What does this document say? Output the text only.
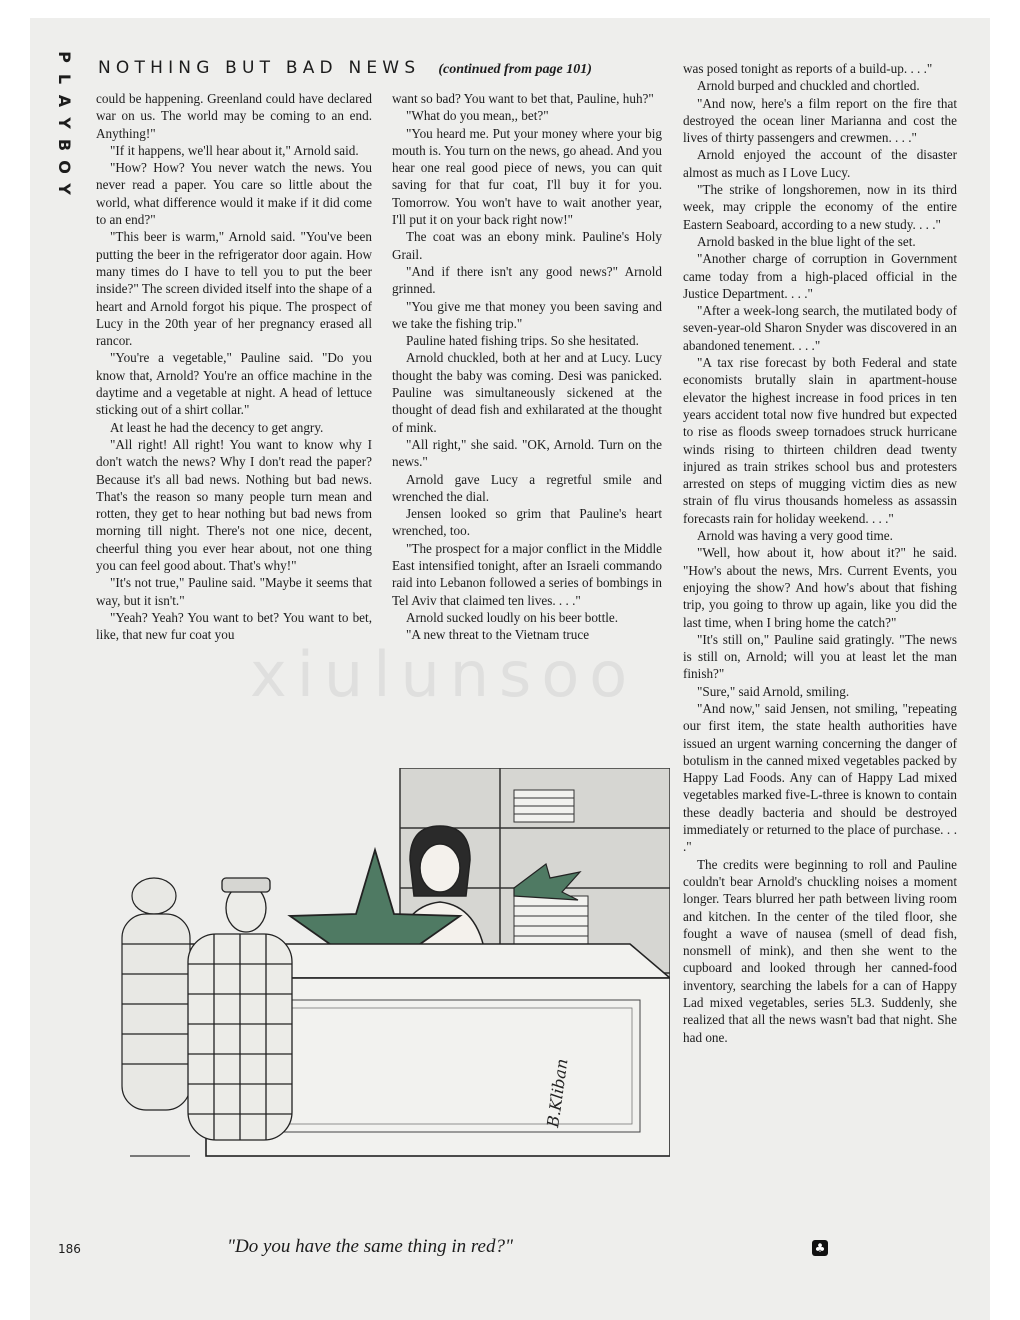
P
L
A
Y
B
O
Y
NOTHING BUT BAD NEWS (continued from page 101)

could be happening. Greenland could have declared war on us. The world may be coming to an end. Anything!"

"If it happens, we'll hear about it," Arnold said.

"How? How? You never watch the news. You never read a paper. You care so little about the world, what difference would it make if it did come to an end?"

"This beer is warm," Arnold said. "You've been putting the beer in the refrigerator door again. How many times do I have to tell you to put the beer inside?" The screen divided itself into the shape of a heart and Arnold forgot his pique. The prospect of Lucy in the 20th year of her pregnancy erased all rancor.

"You're a vegetable," Pauline said. "Do you know that, Arnold? You're an office machine in the daytime and a vegetable at night. A head of lettuce sticking out of a shirt collar."

At least he had the decency to get angry.

"All right! All right! You want to know why I don't watch the news? Why I don't read the paper? Because it's all bad news. Nothing but bad news. That's the reason so many people turn mean and rotten, they get to hear nothing but bad news from morning till night. There's not one nice, decent, cheerful thing you ever hear about, not one thing you can feel good about. That's why!"

"It's not true," Pauline said. "Maybe it seems that way, but it isn't."

"Yeah? Yeah? You want to bet? You want to bet, like, that new fur coat you

want so bad? You want to bet that, Pauline, huh?"

"What do you mean,, bet?"

"You heard me. Put your money where your big mouth is. You turn on the news, go ahead. And you hear one real good piece of news, you can quit saving for that fur coat, I'll buy it for you. Tomorrow. You won't have to wait another year, I'll put it on your back right now!"

The coat was an ebony mink. Pauline's Holy Grail.

"And if there isn't any good news?" Arnold grinned.

"You give me that money you been saving and we take the fishing trip."

Pauline hated fishing trips. So she hesitated.

Arnold chuckled, both at her and at Lucy. Lucy thought the baby was coming. Desi was panicked. Pauline was simultaneously sickened at the thought of dead fish and exhilarated at the thought of mink.

"All right," she said. "OK, Arnold. Turn on the news."

Arnold gave Lucy a regretful smile and wrenched the dial.

Jensen looked so grim that Pauline's heart wrenched, too.

"The prospect for a major conflict in the Middle East intensified tonight, after an Israeli commando raid into Lebanon followed a series of bombings in Tel Aviv that claimed ten lives. . . ."

Arnold sucked loudly on his beer bottle.

"A new threat to the Vietnam truce

was posed tonight as reports of a build-up. . . ."

Arnold burped and chuckled and chortled.

"And now, here's a film report on the fire that destroyed the ocean liner Marianna and cost the lives of thirty passengers and crewmen. . . ."

Arnold enjoyed the account of the disaster almost as much as I Love Lucy.

"The strike of longshoremen, now in its third week, may cripple the economy of the entire Eastern Seaboard, according to a new study. . . ."

Arnold basked in the blue light of the set.

"Another charge of corruption in Government came today from a high-placed official in the Justice Department. . . ."

"After a week-long search, the mutilated body of seven-year-old Sharon Snyder was discovered in an abandoned tenement. . . ."

"A tax rise forecast by both Federal and state economists brutally slain in apartment-house elevator the highest increase in food prices in ten years accident total now five hundred but expected to rise as floods sweep tornadoes struck hurricane winds rising to thirteen children dead twenty injured as train strikes school bus and protesters arrested on steps of mugging victim dies as new strain of flu virus thousands homeless as assassin forecasts rain for holiday weekend. . . ."

Arnold was having a very good time.

"Well, how about it, how about it?" he said. "How's about the news, Mrs. Current Events, you enjoying the show? And how's about that fishing trip, you going to throw up again, like you did the last time, when I bring home the catch?"

"It's still on," Pauline said gratingly. "The news is still on, Arnold; will you at least let the man finish?"

"Sure," said Arnold, smiling.

"And now," said Jensen, not smiling, "repeating our first item, the state health authorities have issued an urgent warning concerning the danger of botulism in the canned mixed vegetables packed by Happy Lad Foods. Any can of Happy Lad mixed vegetables marked five-L-three is known to contain these deadly bacteria and should be destroyed immediately or returned to the place of purchase. . . ."

The credits were beginning to roll and Pauline couldn't bear Arnold's chuckling noises a moment longer. Tears blurred her path between living room and kitchen. In the center of the tiled floor, she fought a wave of nausea (smell of dead fish, nonsmell of mink), and then she went to the cupboard and looked through her canned-food inventory, searching the labels for a can of Happy Lad mixed vegetables, series 5L3. Suddenly, she realized that all the news wasn't bad that night. She had one.

B.Kliban
"Do you have the same thing in red?"
186	♣
